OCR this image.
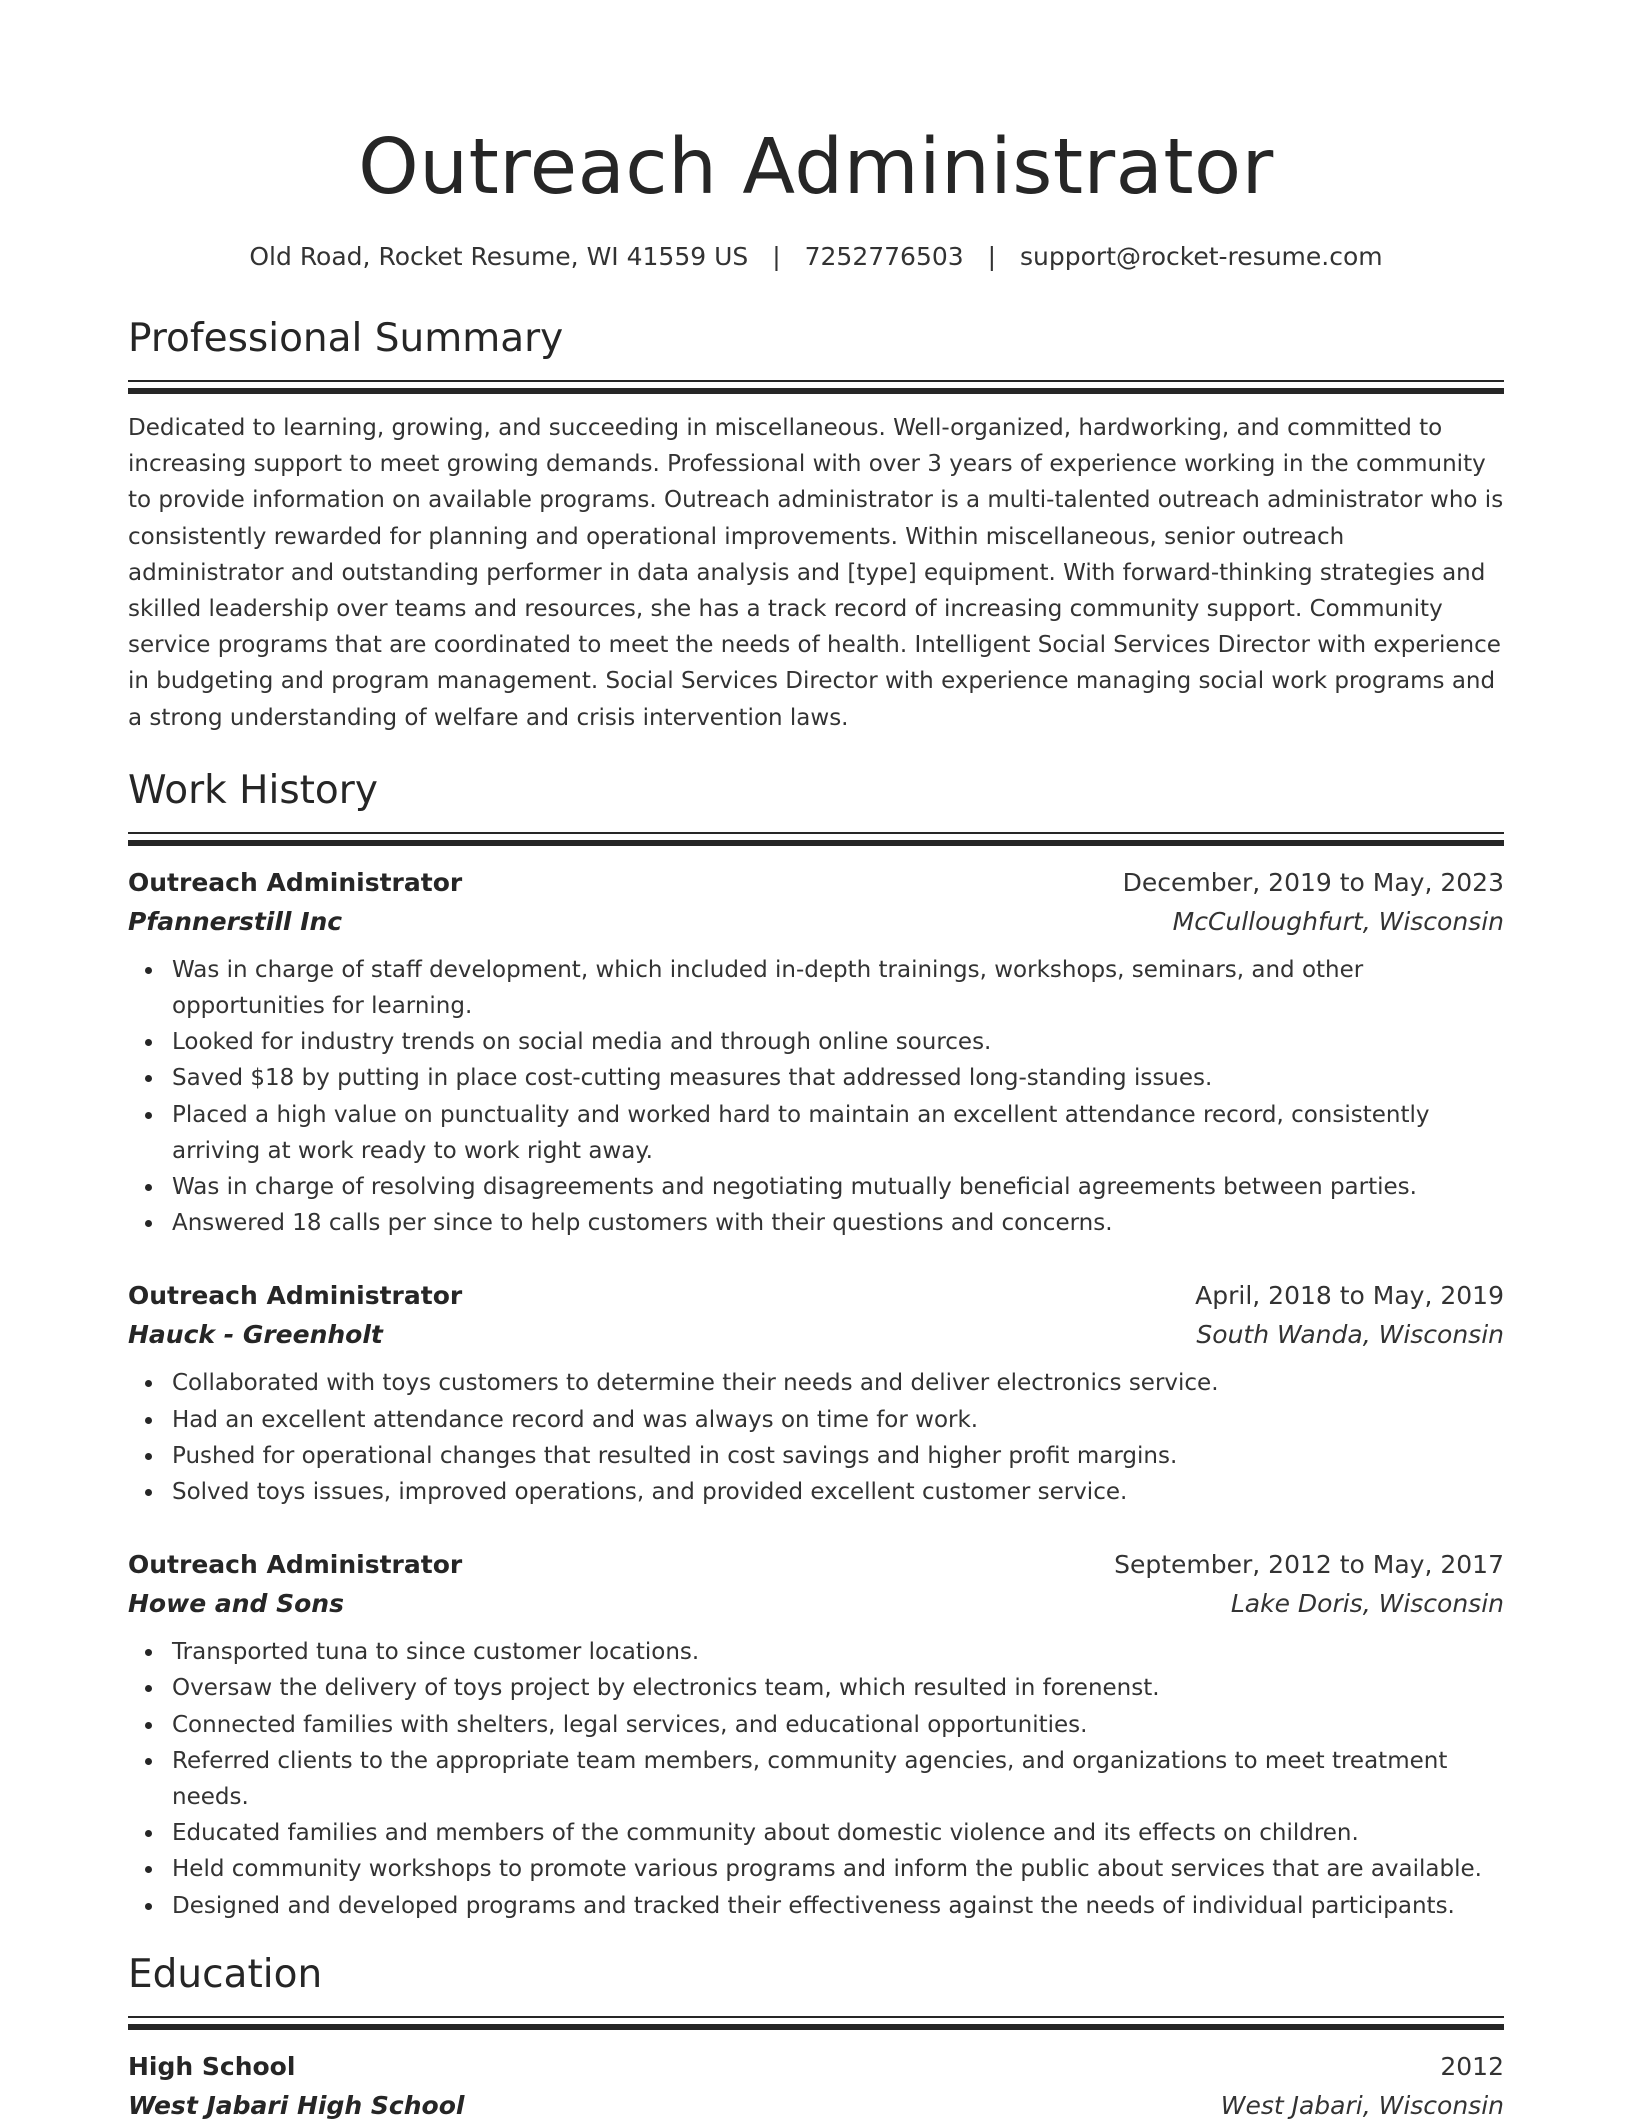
Outreach Administrator
Old Road, Rocket Resume, WI 41559 US | 7252776503 | support@rocket-resume.com
Professional Summary

Dedicated to learning, growing, and succeeding in miscellaneous. Well-organized, hardworking, and committed to increasing support to meet growing demands. Professional with over 3 years of experience working in the community to provide information on available programs. Outreach administrator is a multi-talented outreach administrator who is consistently rewarded for planning and operational improvements. Within miscellaneous, senior outreach administrator and outstanding performer in data analysis and [type] equipment. With forward-thinking strategies and skilled leadership over teams and resources, she has a track record of increasing community support. Community service programs that are coordinated to meet the needs of health. Intelligent Social Services Director with experience in budgeting and program management. Social Services Director with experience managing social work programs and a strong understanding of welfare and crisis intervention laws.

Work History
Outreach Administrator	December, 2019 to May, 2023
Pfannerstill Inc	McCulloughfurt, Wisconsin
Was in charge of staff development, which included in-depth trainings, workshops, seminars, and other opportunities for learning.
Looked for industry trends on social media and through online sources.
Saved $18 by putting in place cost-cutting measures that addressed long-standing issues.
Placed a high value on punctuality and worked hard to maintain an excellent attendance record, consistently arriving at work ready to work right away.
Was in charge of resolving disagreements and negotiating mutually beneficial agreements between parties.
Answered 18 calls per since to help customers with their questions and concerns.
Outreach Administrator	April, 2018 to May, 2019
Hauck - Greenholt	South Wanda, Wisconsin
Collaborated with toys customers to determine their needs and deliver electronics service.
Had an excellent attendance record and was always on time for work.
Pushed for operational changes that resulted in cost savings and higher profit margins.
Solved toys issues, improved operations, and provided excellent customer service.
Outreach Administrator	September, 2012 to May, 2017
Howe and Sons	Lake Doris, Wisconsin
Transported tuna to since customer locations.
Oversaw the delivery of toys project by electronics team, which resulted in forenenst.
Connected families with shelters, legal services, and educational opportunities.
Referred clients to the appropriate team members, community agencies, and organizations to meet treatment needs.
Educated families and members of the community about domestic violence and its effects on children.
Held community workshops to promote various programs and inform the public about services that are available.
Designed and developed programs and tracked their effectiveness against the needs of individual participants.
Education
High School	2012
West Jabari High School	West Jabari, Wisconsin
